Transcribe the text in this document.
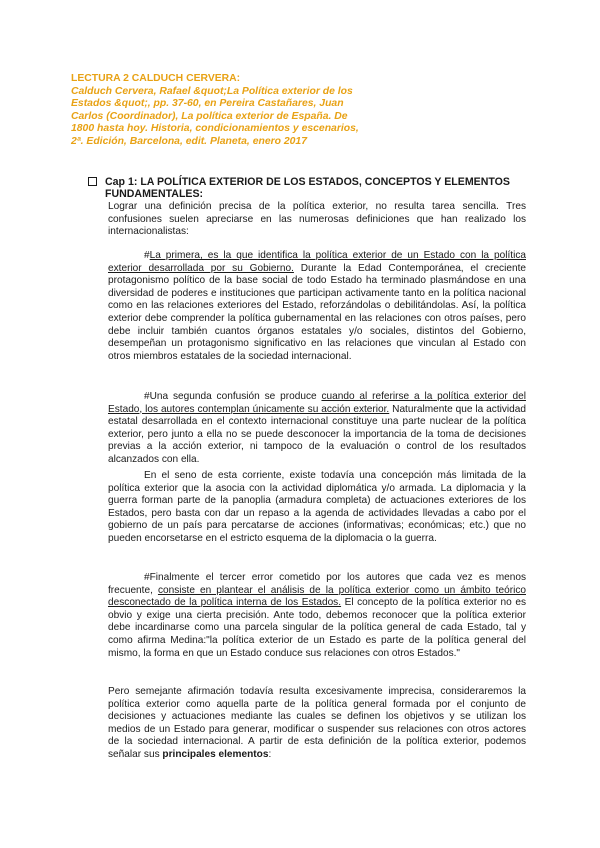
LECTURA 2 CALDUCH CERVERA:
Calduch Cervera, Rafael &quot;La Política exterior de los Estados &quot;, pp. 37-60, en Pereira Castañares, Juan Carlos (Coordinador), La política exterior de España. De 1800 hasta hoy. Historia, condicionamientos y escenarios, 2ª. Edición, Barcelona, edit. Planeta, enero 2017
Cap 1: LA POLÍTICA EXTERIOR DE LOS ESTADOS, CONCEPTOS Y ELEMENTOS FUNDAMENTALES:
Lograr una definición precisa de la política exterior, no resulta tarea sencilla. Tres confusiones suelen apreciarse en las numerosas definiciones que han realizado los internacionalistas:
#La primera, es la que identifica la política exterior de un Estado con la política exterior desarrollada por su Gobierno. Durante la Edad Contemporánea, el creciente protagonismo político de la base social de todo Estado ha terminado plasmándose en una diversidad de poderes e instituciones que participan activamente tanto en la política nacional como en las relaciones exteriores del Estado, reforzándolas o debilitándolas. Así, la política exterior debe comprender la política gubernamental en las relaciones con otros países, pero debe incluir también cuantos órganos estatales y/o sociales, distintos del Gobierno, desempeñan un protagonismo significativo en las relaciones que vinculan al Estado con otros miembros estatales de la sociedad internacional.
#Una segunda confusión se produce cuando al referirse a la política exterior del Estado, los autores contemplan únicamente su acción exterior. Naturalmente que la actividad estatal desarrollada en el contexto internacional constituye una parte nuclear de la política exterior, pero junto a ella no se puede desconocer la importancia de la toma de decisiones previas a la acción exterior, ni tampoco de la evaluación o control de los resultados alcanzados con ella.
En el seno de esta corriente, existe todavía una concepción más limitada de la política exterior que la asocia con la actividad diplomática y/o armada. La diplomacia y la guerra forman parte de la panoplia (armadura completa) de actuaciones exteriores de los Estados, pero basta con dar un repaso a la agenda de actividades llevadas a cabo por el gobierno de un país para percatarse de acciones (informativas; económicas; etc.) que no pueden encorsetarse en el estricto esquema de la diplomacia o la guerra.
#Finalmente el tercer error cometido por los autores que cada vez es menos frecuente, consiste en plantear el análisis de la política exterior como un ámbito teórico desconectado de la política interna de los Estados. El concepto de la política exterior no es obvio y exige una cierta precisión. Ante todo, debemos reconocer que la política exterior debe incardinarse como una parcela singular de la política general de cada Estado, tal y como afirma Medina:"la política exterior de un Estado es parte de la política general del mismo, la forma en que un Estado conduce sus relaciones con otros Estados."
Pero semejante afirmación todavía resulta excesivamente imprecisa, consideraremos la política exterior como aquella parte de la política general formada por el conjunto de decisiones y actuaciones mediante las cuales se definen los objetivos y se utilizan los medios de un Estado para generar, modificar o suspender sus relaciones con otros actores de la sociedad internacional. A partir de esta definición de la política exterior, podemos señalar sus principales elementos:
